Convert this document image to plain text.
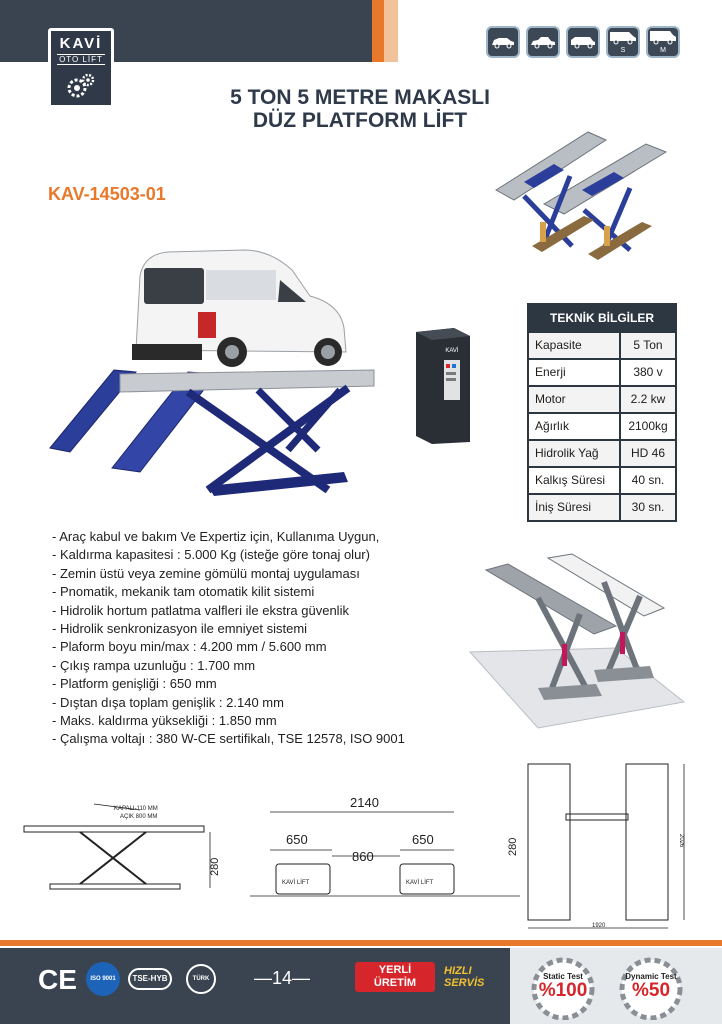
KAVİ
OTO LİFT
S	M
5 TON 5 METRE MAKASLI
DÜZ PLATFORM LİFT
KAV-14503-01
KAVİ
TEKNİK BİLGİLER
Kapasite	5 Ton
Enerji	380 v
Motor	2.2 kw
Ağırlık	2100kg
Hidrolik Yağ	HD 46
Kalkış Süresi	40 sn.
İniş Süresi	30 sn.
- Araç kabul ve bakım Ve Expertiz için, Kullanıma Uygun,
- Kaldırma kapasitesi : 5.000 Kg (isteğe göre tonaj olur)
- Zemin üstü veya zemine gömülü montaj uygulaması
- Pnomatik, mekanik tam otomatik kilit sistemi
- Hidrolik hortum patlatma valfleri ile ekstra güvenlik
- Hidrolik senkronizasyon ile emniyet sistemi
- Plaform boyu min/max : 4.200 mm / 5.600 mm
- Çıkış rampa uzunluğu : 1.700 mm
- Platform genişliği : 650 mm
- Dıştan dışa toplam genişlik : 2.140 mm
- Maks. kaldırma yüksekliği : 1.850 mm
- Çalışma voltajı : 380 W-CE sertifikalı, TSE 12578, ISO 9001
KAPALI-110 MM
AÇIK 800 MM
280
2140
650
860
650
KAVİ LİFT	KAVİ LİFT
280
1920
2026
CE	ISO 9001	TSE-HYB	TÜRK	—14—	YERLİ
ÜRETİM
HIZLI
SERVİS
Static Test
%100
Dynamic Test
%50
